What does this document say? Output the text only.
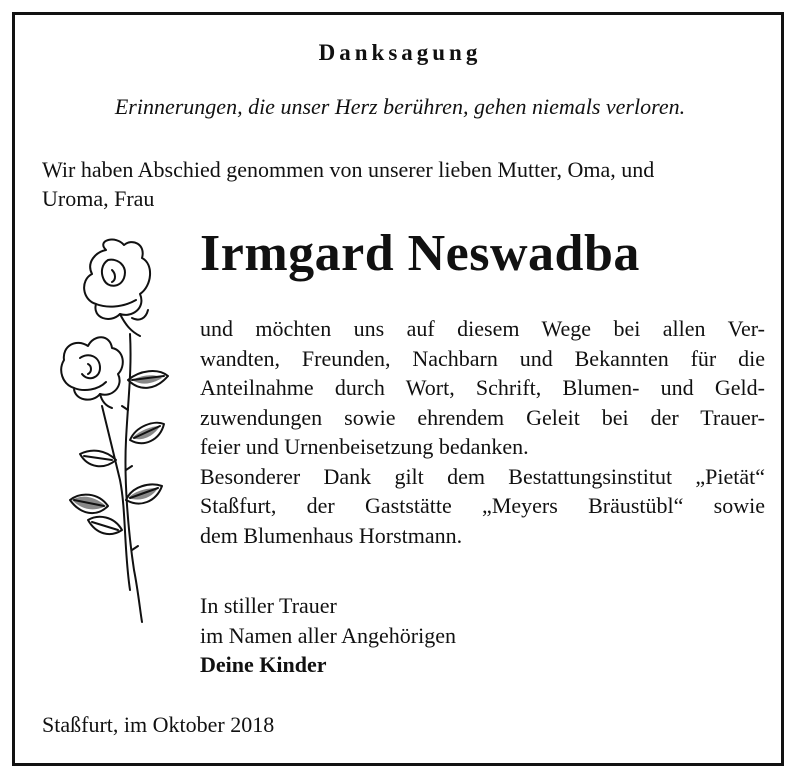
Danksagung
Erinnerungen, die unser Herz berühren, gehen niemals verloren.
Wir haben Abschied genommen von unserer lieben Mutter, Oma, und
Uroma, Frau
Irmgard Neswadba
und möchten uns auf diesem Wege bei allen Ver-
wandten, Freunden, Nachbarn und Bekannten für die
Anteilnahme durch Wort, Schrift, Blumen- und Geld-
zuwendungen sowie ehrendem Geleit bei der Trauer-
feier und Urnenbeisetzung bedanken.
Besonderer Dank gilt dem Bestattungsinstitut „Pietät“
Staßfurt, der Gaststätte „Meyers Bräustübl“ sowie
dem Blumenhaus Horstmann.
In stiller Trauer
im Namen aller Angehörigen
Deine Kinder
Staßfurt, im Oktober 2018
